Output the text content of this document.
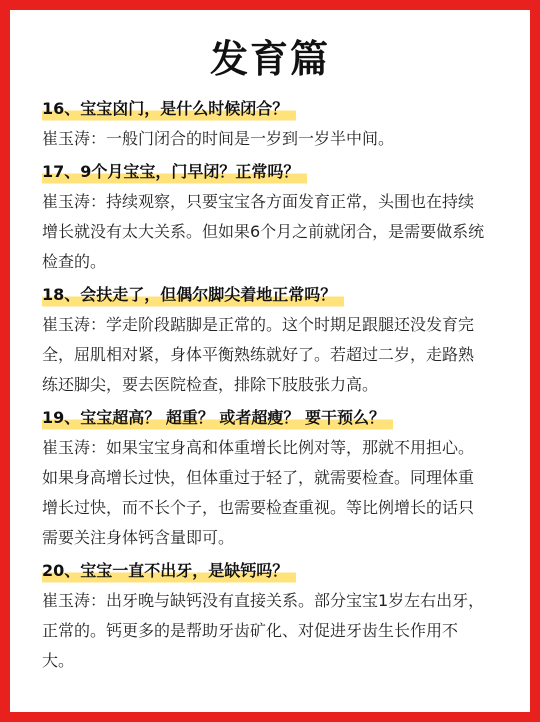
发育篇
16、宝宝囟门，是什么时候闭合？

崔玉涛：一般门闭合的时间是一岁到一岁半中间。

17、9个月宝宝，门早闭？正常吗？

崔玉涛：持续观察，只要宝宝各方面发育正常，头围也在持续
增长就没有太大关系。但如果6个月之前就闭合，是需要做系统
检查的。

18、会扶走了，但偶尔脚尖着地正常吗？

崔玉涛：学走阶段踮脚是正常的。这个时期足跟腿还没发育完
全，屈肌相对紧，身体平衡熟练就好了。若超过二岁，走路熟
练还脚尖，要去医院检查，排除下肢肢张力高。

19、宝宝超高？ 超重？ 或者超瘦？ 要干预么？

崔玉涛：如果宝宝身高和体重增长比例对等，那就不用担心。
如果身高增长过快，但体重过于轻了，就需要检查。同理体重
增长过快，而不长个子，也需要检查重视。等比例增长的话只
需要关注身体钙含量即可。

20、宝宝一直不出牙，是缺钙吗？

崔玉涛：出牙晚与缺钙没有直接关系。部分宝宝1岁左右出牙，
正常的。钙更多的是帮助牙齿矿化、对促进牙齿生长作用不
大。
